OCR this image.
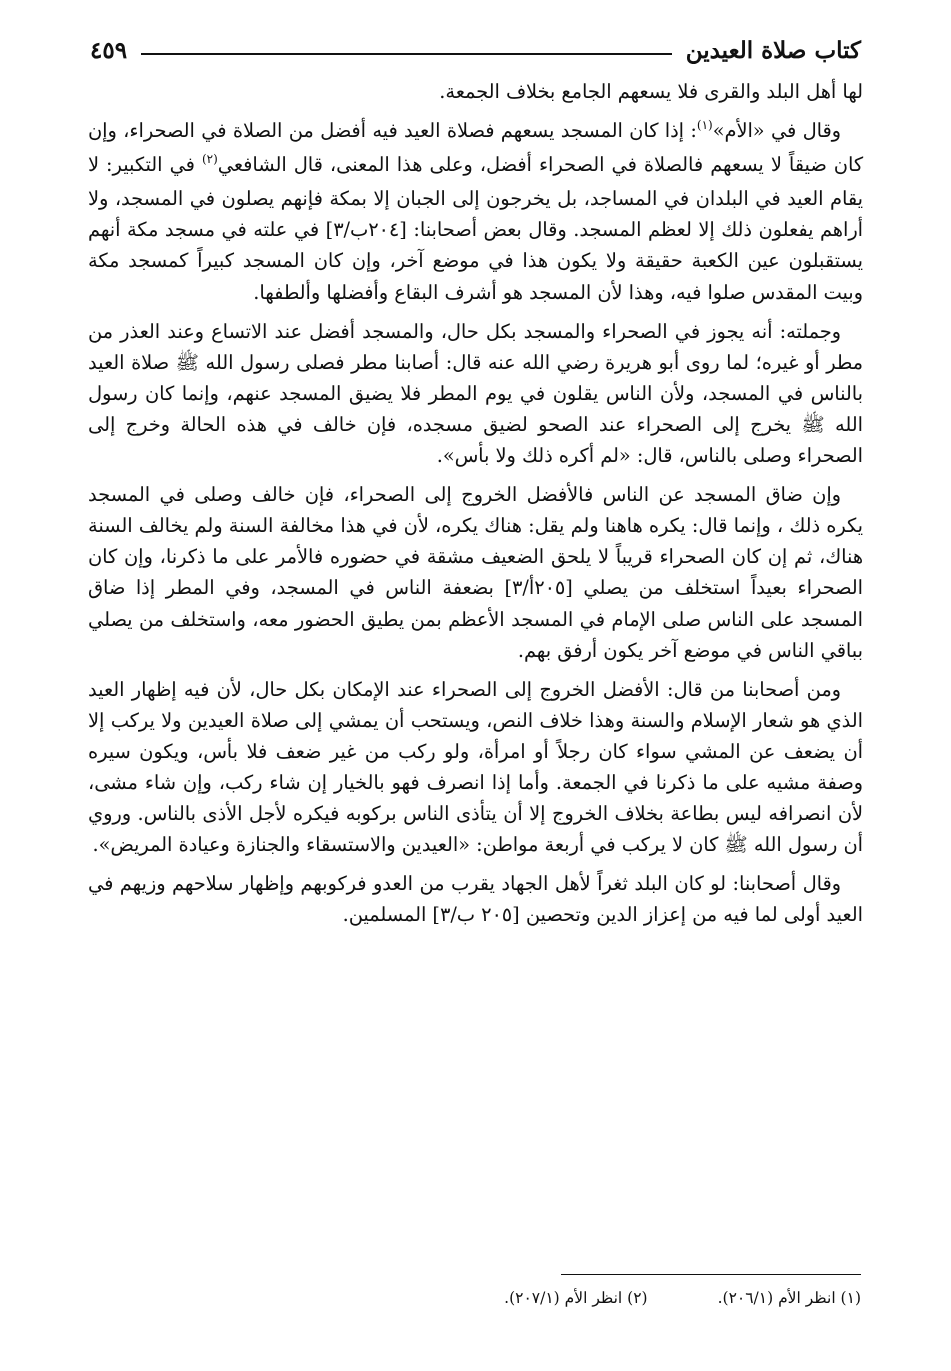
كتاب صلاة العيدين
٤٥٩

لها أهل البلد والقرى فلا يسعهم الجامع بخلاف الجمعة.

وقال في «الأم»$^{(١)}$: إذا كان المسجد يسعهم فصلاة العيد فيه أفضل من الصلاة في الصحراء، وإن كان ضيقاً لا يسعهم فالصلاة في الصحراء أفضل، وعلى هذا المعنى، قال الشافعي$^{(٢)}$ في التكبير: لا يقام العيد في البلدان في المساجد، بل يخرجون إلى الجبان إلا بمكة فإنهم يصلون في المسجد، ولا أراهم يفعلون ذلك إلا لعظم المسجد. وقال بعض أصحابنا: [٢٠٤ب/٣] في علته في مسجد مكة أنهم يستقبلون عين الكعبة حقيقة ولا يكون هذا في موضع آخر، وإن كان المسجد كبيراً كمسجد مكة وبيت المقدس صلوا فيه، وهذا لأن المسجد هو أشرف البقاع وأفضلها وألطفها.

وجملته: أنه يجوز في الصحراء والمسجد بكل حال، والمسجد أفضل عند الاتساع وعند العذر من مطر أو غيره؛ لما روى أبو هريرة رضي الله عنه قال: أصابنا مطر فصلى رسول الله ﷺ صلاة العيد بالناس في المسجد، ولأن الناس يقلون في يوم المطر فلا يضيق المسجد عنهم، وإنما كان رسول الله ﷺ يخرج إلى الصحراء عند الصحو لضيق مسجده، فإن خالف في هذه الحالة وخرج إلى الصحراء وصلى بالناس، قال: «لم أكره ذلك ولا بأس».

وإن ضاق المسجد عن الناس فالأفضل الخروج إلى الصحراء، فإن خالف وصلى في المسجد يكره ذلك ، وإنما قال: يكره هاهنا ولم يقل: هناك يكره، لأن في هذا مخالفة السنة ولم يخالف السنة هناك، ثم إن كان الصحراء قريباً لا يلحق الضعيف مشقة في حضوره فالأمر على ما ذكرنا، وإن كان الصحراء بعيداً استخلف من يصلي [٢٠٥أ/٣] بضعفة الناس في المسجد، وفي المطر إذا ضاق المسجد على الناس صلى الإمام في المسجد الأعظم بمن يطيق الحضور معه، واستخلف من يصلي بباقي الناس في موضع آخر يكون أرفق بهم.

ومن أصحابنا من قال: الأفضل الخروج إلى الصحراء عند الإمكان بكل حال، لأن فيه إظهار العيد الذي هو شعار الإسلام والسنة وهذا خلاف النص، ويستحب أن يمشي إلى صلاة العيدين ولا يركب إلا أن يضعف عن المشي سواء كان رجلاً أو امرأة، ولو ركب من غير ضعف فلا بأس، ويكون سيره وصفة مشيه على ما ذكرنا في الجمعة. وأما إذا انصرف فهو بالخيار إن شاء ركب، وإن شاء مشى، لأن انصرافه ليس بطاعة بخلاف الخروج إلا أن يتأذى الناس بركوبه فيكره لأجل الأذى بالناس. وروي أن رسول الله ﷺ كان لا يركب في أربعة مواطن: «العيدين والاستسقاء والجنازة وعيادة المريض».

وقال أصحابنا: لو كان البلد ثغراً لأهل الجهاد يقرب من العدو فركوبهم وإظهار سلاحهم وزيهم في العيد أولى لما فيه من إعزاز الدين وتحصين [٢٠٥ ب/٣] المسلمين.

(١) انظر الأم (٢٠٦/١).
(٢) انظر الأم (٢٠٧/١).
